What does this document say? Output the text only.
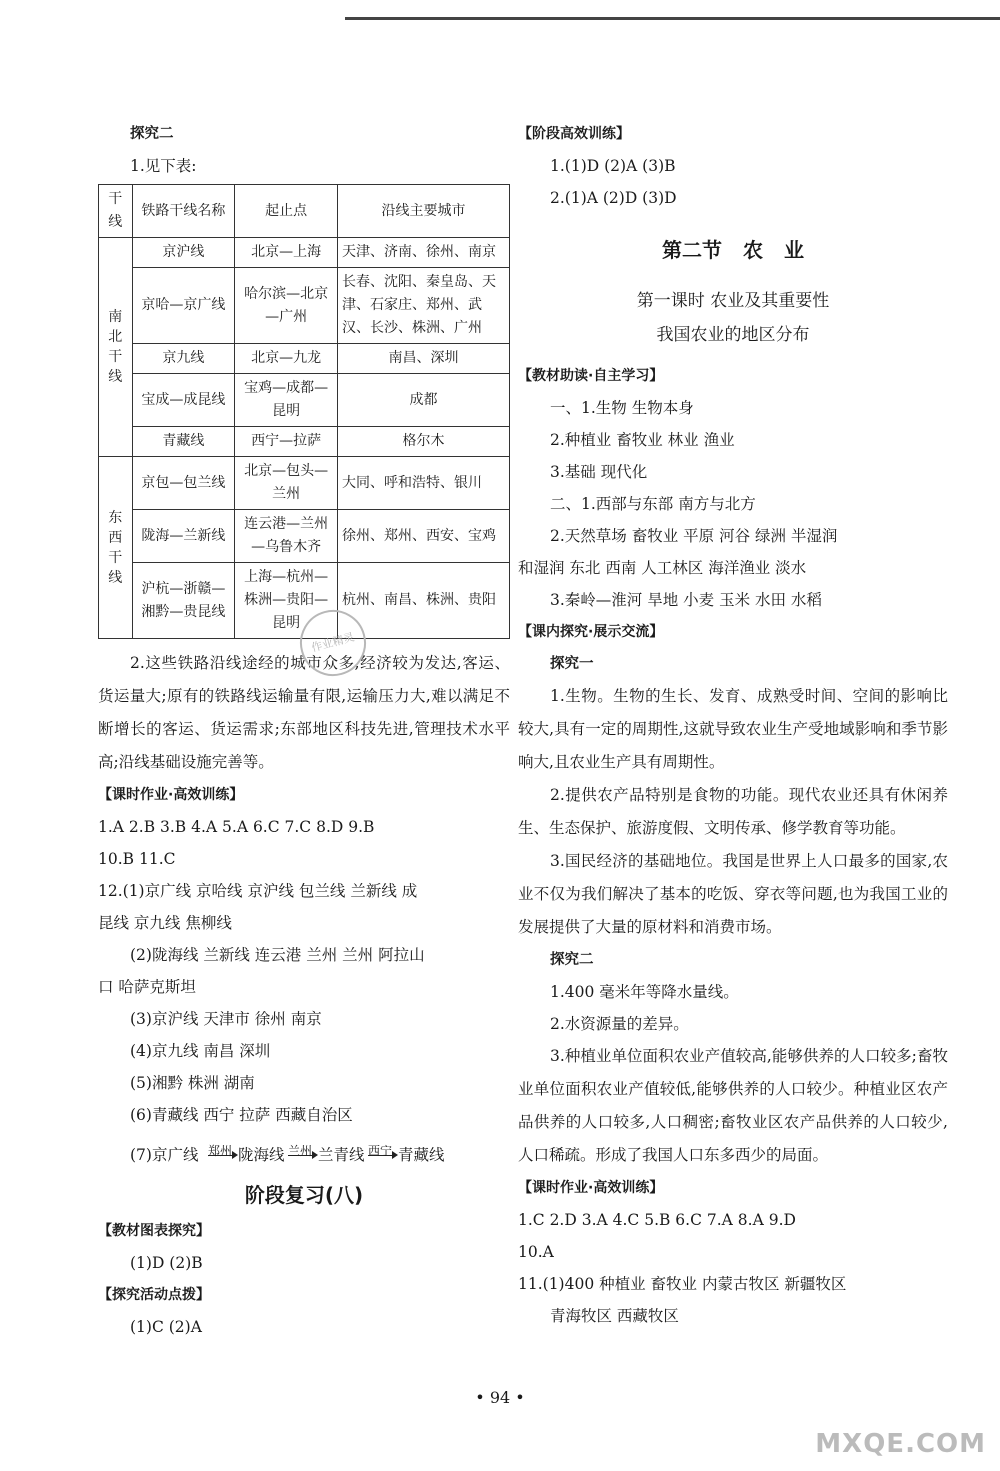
探究二
1.见下表:
干线	铁路干线名称	起止点	沿线主要城市
南北干线	京沪线	北京—上海	天津、济南、徐州、南京
	京哈—京广线	哈尔滨—北京—广州	长春、沈阳、秦皇岛、天津、石家庄、郑州、武汉、长沙、株洲、广州
	京九线	北京—九龙	南昌、深圳
	宝成—成昆线	宝鸡—成都—昆明	成都
	青藏线	西宁—拉萨	格尔木
东西干线	京包—包兰线	北京—包头—兰州	大同、呼和浩特、银川
	陇海—兰新线	连云港—兰州—乌鲁木齐	徐州、郑州、西安、宝鸡
	沪杭—浙赣—湘黔—贵昆线	上海—杭州—株洲—贵阳—昆明	杭州、南昌、株洲、贵阳
2.这些铁路沿线途经的城市众多,经济较为发达,客运、货运量大;原有的铁路线运输量有限,运输压力大,难以满足不断增长的客运、货运需求;东部地区科技先进,管理技术水平高;沿线基础设施完善等。
【课时作业·高效训练】
1.A 2.B 3.B 4.A 5.A 6.C 7.C 8.D 9.B
10.B 11.C
12.(1)京广线 京哈线 京沪线 包兰线 兰新线 成
昆线 京九线 焦柳线
(2)陇海线 兰新线 连云港 兰州 兰州 阿拉山
口 哈萨克斯坦
(3)京沪线 天津市 徐州 南京
(4)京九线 南昌 深圳
(5)湘黔 株洲 湖南
(6)青藏线 西宁 拉萨 西藏自治区
(7)京广线 郑州 陇海线 兰州 兰青线 西宁 青藏线
阶段复习(八)
【教材图表探究】
(1)D (2)B
【探究活动点拨】
(1)C (2)A
作业精灵
【阶段高效训练】
1.(1)D (2)A (3)B
2.(1)A (2)D (3)D
第二节 农 业
第一课时 农业及其重要性
我国农业的地区分布
【教材助读·自主学习】
一、1.生物 生物本身
2.种植业 畜牧业 林业 渔业
3.基础 现代化
二、1.西部与东部 南方与北方
2.天然草场 畜牧业 平原 河谷 绿洲 半湿润
和湿润 东北 西南 人工林区 海洋渔业 淡水
3.秦岭—淮河 旱地 小麦 玉米 水田 水稻
【课内探究·展示交流】
探究一
1.生物。生物的生长、发育、成熟受时间、空间的影响比较大,具有一定的周期性,这就导致农业生产受地域影响和季节影响大,且农业生产具有周期性。
2.提供农产品特别是食物的功能。现代农业还具有休闲养生、生态保护、旅游度假、文明传承、修学教育等功能。
3.国民经济的基础地位。我国是世界上人口最多的国家,农业不仅为我们解决了基本的吃饭、穿衣等问题,也为我国工业的发展提供了大量的原材料和消费市场。
探究二
1.400 毫米年等降水量线。
2.水资源量的差异。
3.种植业单位面积农业产值较高,能够供养的人口较多;畜牧业单位面积农业产值较低,能够供养的人口较少。种植业区农产品供养的人口较多,人口稠密;畜牧业区农产品供养的人口较少,人口稀疏。形成了我国人口东多西少的局面。
【课时作业·高效训练】
1.C 2.D 3.A 4.C 5.B 6.C 7.A 8.A 9.D
10.A
11.(1)400 种植业 畜牧业 内蒙古牧区 新疆牧区
青海牧区 西藏牧区
• 94 •
MXQE.COM
